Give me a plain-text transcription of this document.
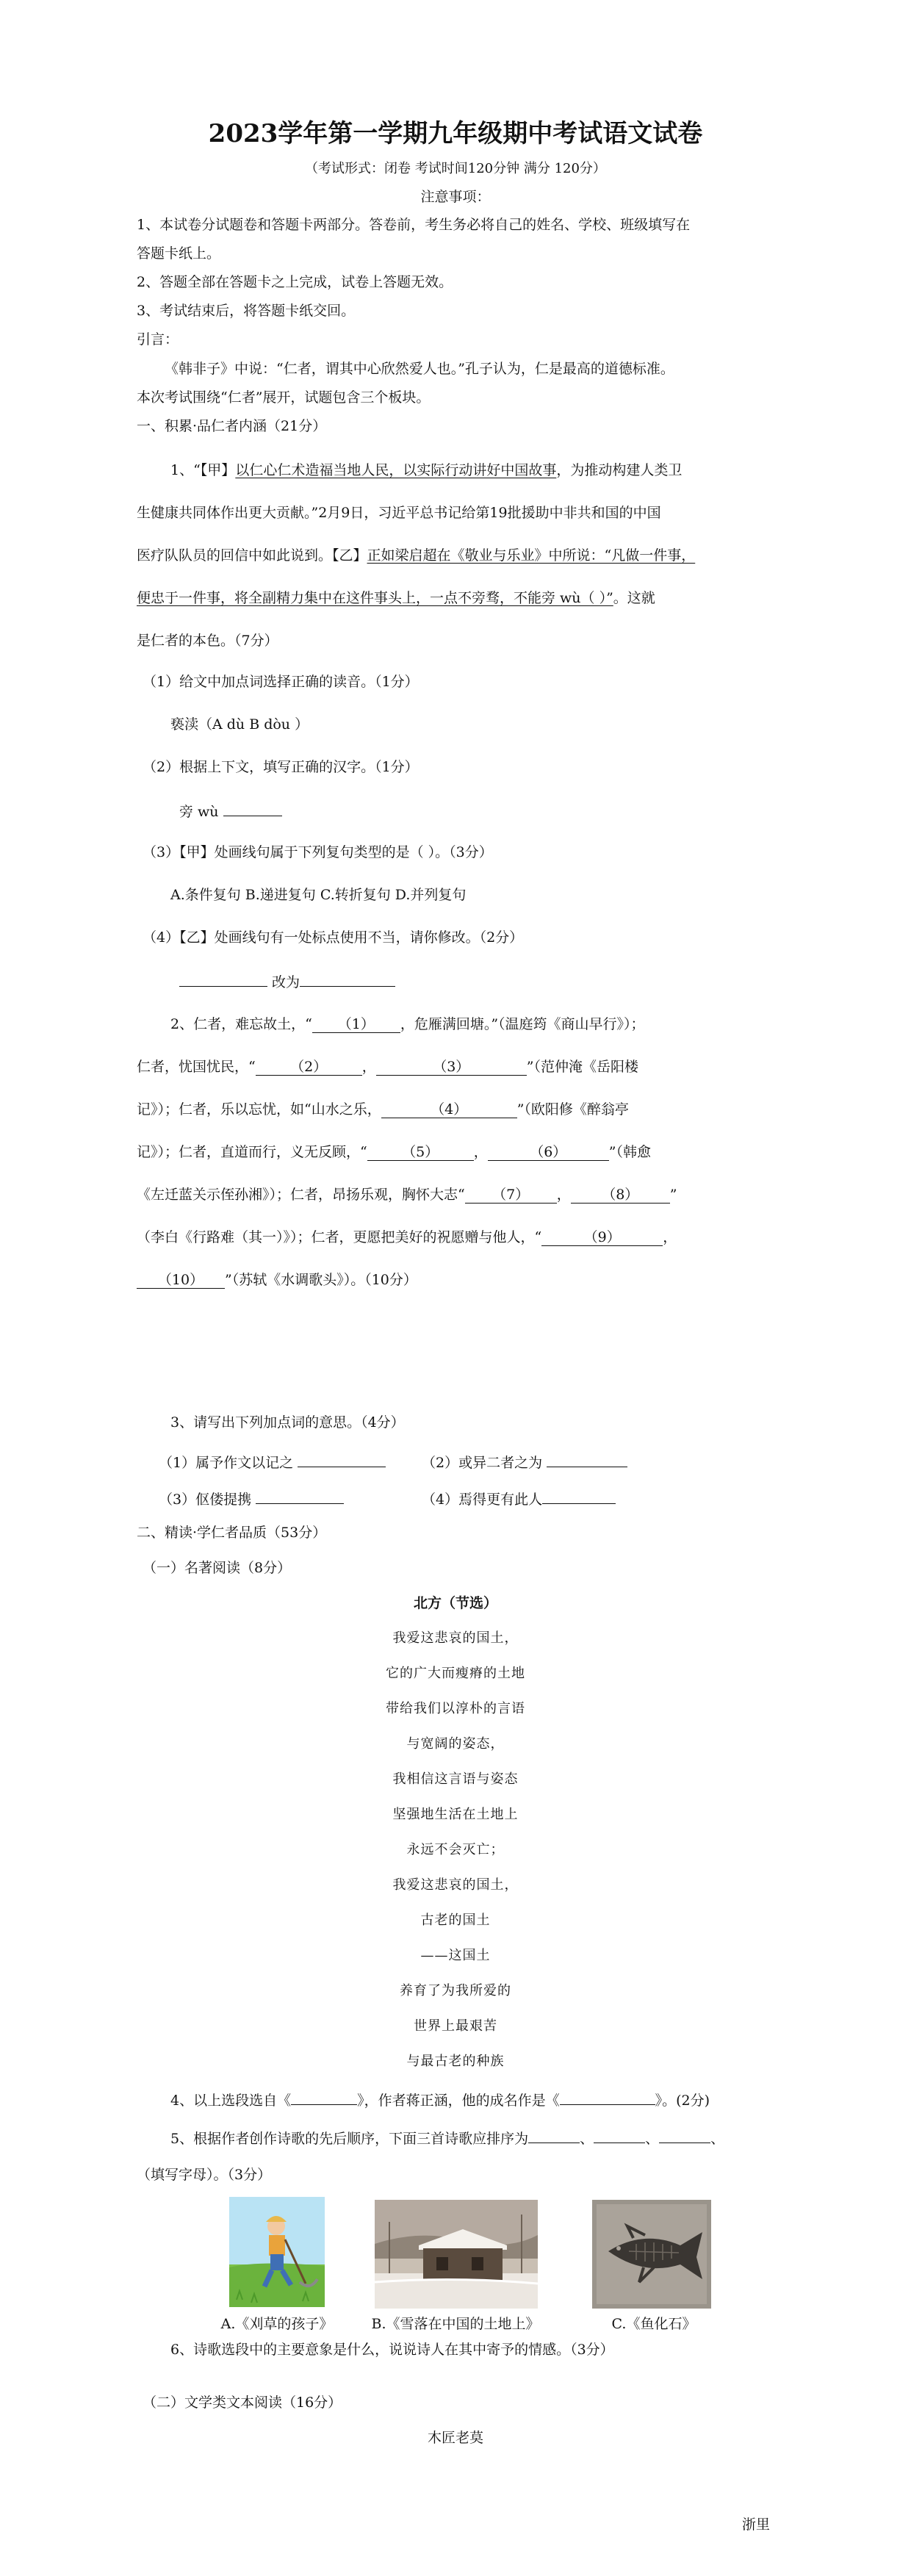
2023学年第一学期九年级期中考试语文试卷
（考试形式：闭卷 考试时间120分钟 满分 120分）
注意事项：
1、本试卷分试题卷和答题卡两部分。答卷前，考生务必将自己的姓名、学校、班级填写在
答题卡纸上。
2、答题全部在答题卡之上完成，试卷上答题无效。
3、考试结束后，将答题卡纸交回。
引言：
《韩非子》中说：“仁者，谓其中心欣然爱人也。”孔子认为，仁是最高的道德标准。
本次考试围绕“仁者”展开，试题包含三个板块。
一、积累·品仁者内涵（21分）
1、“【甲】以仁心仁术造福当地人民，以实际行动讲好中国故事，为推动构建人类卫
生健康共同体作出更大贡献。”2月9日，习近平总书记给第19批援助中非共和国的中国
医疗队队员的回信中如此说到。【乙】正如梁启超在《敬业与乐业》中所说：“凡做一件事，
便忠于一件事，将全副精力集中在这件事头上，一点不旁骛，不能旁 wù（ ）”。这就
是仁者的本色。（7分）
（1）给文中加点词选择正确的读音。（1分）
亵渎（A dù B dòu ）
（2）根据上下文，填写正确的汉字。（1分）
旁 wù
（3）【甲】处画线句属于下列复句类型的是（ ）。（3分）
A.条件复句 B.递进复句 C.转折复句 D.并列复句
（4）【乙】处画线句有一处标点使用不当，请你修改。（2分）
改为
2、仁者，难忘故土，“ （1） ，危雁满回塘。”（温庭筠《商山早行》）；
仁者，忧国忧民，“ （2） ，	（3）	”（范仲淹《岳阳楼
记》）；仁者，乐以忘忧，如“山水之乐，	（4）	”（欧阳修《醉翁亭
记》）；仁者，直道而行，义无反顾，“ （5） ，	（6）	”（韩愈
《左迁蓝关示侄孙湘》）；仁者，昂扬乐观，胸怀大志“ （7） ， （8） ”
（李白《行路难（其一）》）；仁者，更愿把美好的祝愿赠与他人，“	（9）	，
（10） ”（苏轼《水调歌头》）。（10分）
3、请写出下列加点词的意思。（4分）
（1）属予作文以记之	（2）或异二者之为
（3）伛偻提携	（4）焉得更有此人
二、精读·学仁者品质（53分）
（一）名著阅读（8分）
北方（节选）
我爱这悲哀的国土，
它的广大而瘦瘠的土地
带给我们以淳朴的言语
与宽阔的姿态，
我相信这言语与姿态
坚强地生活在土地上
永远不会灭亡；
我爱这悲哀的国土，
古老的国土
——这国土
养育了为我所爱的
世界上最艰苦
与最古老的种族
4、以上选段选自《	》，作者蒋正涵，他的成名作是《	》。(2分)
5、根据作者创作诗歌的先后顺序，下面三首诗歌应排序为	、	、	、
（填写字母）。（3分）
A.《刈草的孩子》	B.《雪落在中国的土地上》	C.《鱼化石》
6、诗歌选段中的主要意象是什么，说说诗人在其中寄予的情感。（3分）
（二）文学类文本阅读（16分）
木匠老莫
浙里
